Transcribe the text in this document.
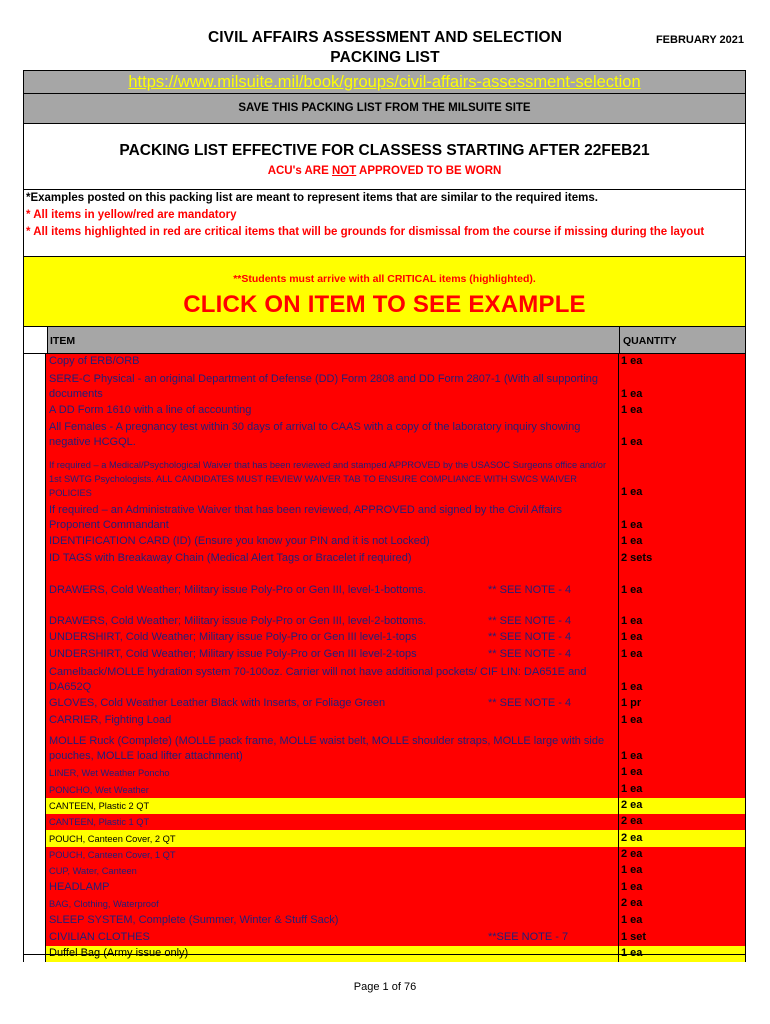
CIVIL AFFAIRS ASSESSMENT AND SELECTION
PACKING LIST
FEBRUARY 2021
https://www.milsuite.mil/book/groups/civil-affairs-assessment-selection
SAVE THIS PACKING LIST FROM THE MILSUITE SITE
PACKING LIST EFFECTIVE FOR CLASSESS STARTING AFTER 22FEB21
ACU's ARE NOT APPROVED TO BE WORN
*Examples posted on this packing list are meant to represent items that are similar to the required items.
* All items in yellow/red are mandatory
* All items highlighted in red are critical items that will be grounds for dismissal from the course if missing during the layout
**Students must arrive with all CRITICAL items (highlighted).
CLICK ON ITEM TO SEE EXAMPLE
ITEM	QUANTITY
Copy of ERB/ORB	1 ea
SERE-C Physical - an original Department of Defense (DD) Form 2808 and DD Form 2807-1 (With all supporting documents	1 ea
A DD Form 1610 with a line of accounting	1 ea
All Females - A pregnancy test within 30 days of arrival to CAAS with a copy of the laboratory inquiry showing negative HCGQL.	1 ea
If required – a Medical/Psychological Waiver that has been reviewed and stamped APPROVED by the USASOC Surgeons office and/or 1st SWTG Psychologists. ALL CANDIDATES MUST REVIEW WAIVER TAB TO ENSURE COMPLIANCE WITH SWCS WAIVER POLICIES	1 ea
If required – an Administrative Waiver that has been reviewed, APPROVED and signed by the Civil Affairs Proponent Commandant	1 ea
IDENTIFICATION CARD (ID) (Ensure you know your PIN and it is not Locked)	1 ea
ID TAGS with Breakaway Chain (Medical Alert Tags or Bracelet if required)	2 sets
DRAWERS, Cold Weather; Military issue Poly-Pro or Gen III, level-1-bottoms.	** SEE NOTE - 4	1 ea
DRAWERS, Cold Weather; Military issue Poly-Pro or Gen III, level-2-bottoms.	** SEE NOTE - 4	1 ea
UNDERSHIRT, Cold Weather; Military issue Poly-Pro or Gen III level-1-tops	** SEE NOTE - 4	1 ea
UNDERSHIRT, Cold Weather; Military issue Poly-Pro or Gen III level-2-tops	** SEE NOTE - 4	1 ea
Camelback/MOLLE hydration system 70-100oz. Carrier will not have additional pockets/ CIF LIN: DA651E and DA652Q	1 ea
GLOVES, Cold Weather Leather Black with Inserts, or Foliage Green	** SEE NOTE - 4	1 pr
CARRIER, Fighting Load	1 ea
MOLLE Ruck (Complete) (MOLLE pack frame, MOLLE waist belt, MOLLE shoulder straps, MOLLE large with side pouches, MOLLE load lifter attachment)	1 ea
LINER, Wet Weather Poncho	1 ea
PONCHO, Wet Weather	1 ea
CANTEEN, Plastic 2 QT	2 ea
CANTEEN, Plastic 1 QT	2 ea
POUCH, Canteen Cover, 2 QT	2 ea
POUCH, Canteen Cover, 1 QT	2 ea
CUP, Water, Canteen	1 ea
HEADLAMP	1 ea
BAG, Clothing, Waterproof	2 ea
SLEEP SYSTEM, Complete (Summer, Winter & Stuff Sack)	1 ea
CIVILIAN CLOTHES	**SEE NOTE - 7	1 set
Duffel Bag (Army issue only)	1 ea
Page 1 of 76
